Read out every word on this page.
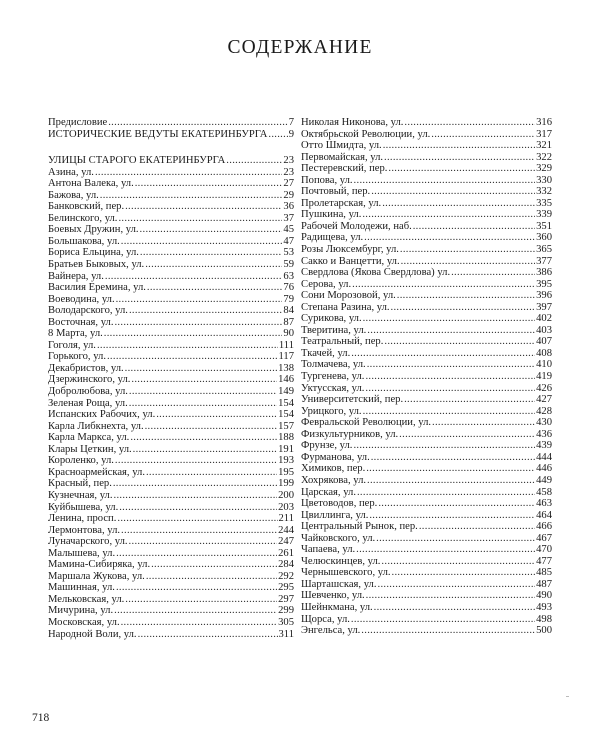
СОДЕРЖАНИЕ
Предисловие .....	7
ИСТОРИЧЕСКИЕ ВЕДУТЫ ЕКАТЕРИНБУРГА ..... 9
УЛИЦЫ СТАРОГО ЕКАТЕРИНБУРГА .....	23
Азина, ул. .....	23
Антона Валека, ул. .....	27
Бажова, ул. .....	29
Банковский, пер. .....	36
Белинского, ул. .....	37
Боевых Дружин, ул. .....	45
Большакова, ул. .....	47
Бориса Ельцина, ул. .....	53
Братьев Быковых, ул. .....	59
Вайнера, ул. .....	63
Василия Еремина, ул. .....	76
Воеводина, ул. .....	79
Володарского, ул. .....	84
Восточная, ул. .....	87
8 Марта, ул. .....	90
Гоголя, ул. .....	111
Горького, ул. .....	117
Декабристов, ул. .....	138
Дзержинского, ул. .....	146
Добролюбова, ул. .....	149
Зеленая Роща, ул. .....	154
Испанских Рабочих, ул. .....	154
Карла Либкнехта, ул. .....	157
Карла Маркса, ул. .....	188
Клары Цеткин, ул. .....	191
Короленко, ул. .....	193
Красноармейская, ул. .....	195
Красный, пер. .....	199
Кузнечная, ул. .....	200
Куйбышева, ул. .....	203
Ленина, просп. .....	211
Лермонтова, ул. .....	244
Луначарского, ул. .....	247
Малышева, ул. .....	261
Мамина-Сибиряка, ул. .....	284
Маршала Жукова, ул. .....	292
Машинная, ул. .....	295
Мельковская, ул. .....	297
Мичурина, ул. .....	299
Московская, ул. .....	305
Народной Воли, ул. .....	311
Николая Никонова, ул. .....	316
Октябрьской Революции, ул. .....	317
Отто Шмидта, ул. .....	321
Первомайская, ул. .....	322
Пестеревский, пер. .....	329
Попова, ул. .....	330
Почтовый, пер. .....	332
Пролетарская, ул. .....	335
Пушкина, ул. .....	339
Рабочей Молодежи, наб. .....	351
Радищева, ул. .....	360
Розы Люксембург, ул. .....	365
Сакко и Ванцетти, ул. .....	377
Свердлова (Якова Свердлова) ул. .....	386
Серова, ул. .....	395
Сони Морозовой, ул. .....	396
Степана Разина, ул. .....	397
Сурикова, ул. .....	402
Тверитина, ул. .....	403
Театральный, пер. .....	407
Ткачей, ул. .....	408
Толмачева, ул. .....	410
Тургенева, ул. .....	419
Уктусская, ул. .....	426
Университетский, пер. .....	427
Урицкого, ул. .....	428
Февральской Революции, ул. .....	430
Физкультурников, ул. .....	436
Фрунзе, ул. .....	439
Фурманова, ул. .....	444
Химиков, пер. .....	446
Хохрякова, ул. .....	449
Царская, ул. .....	458
Цветоводов, пер. .....	463
Цвиллинга, ул. .....	464
Центральный Рынок, пер. .....	466
Чайковского, ул. .....	467
Чапаева, ул. .....	470
Челюскинцев, ул. .....	477
Чернышевского, ул. .....	485
Шарташская, ул. .....	487
Шевченко, ул. .....	490
Шейнкмана, ул. .....	493
Щорса, ул. .....	498
Энгельса, ул. .....	500
718
